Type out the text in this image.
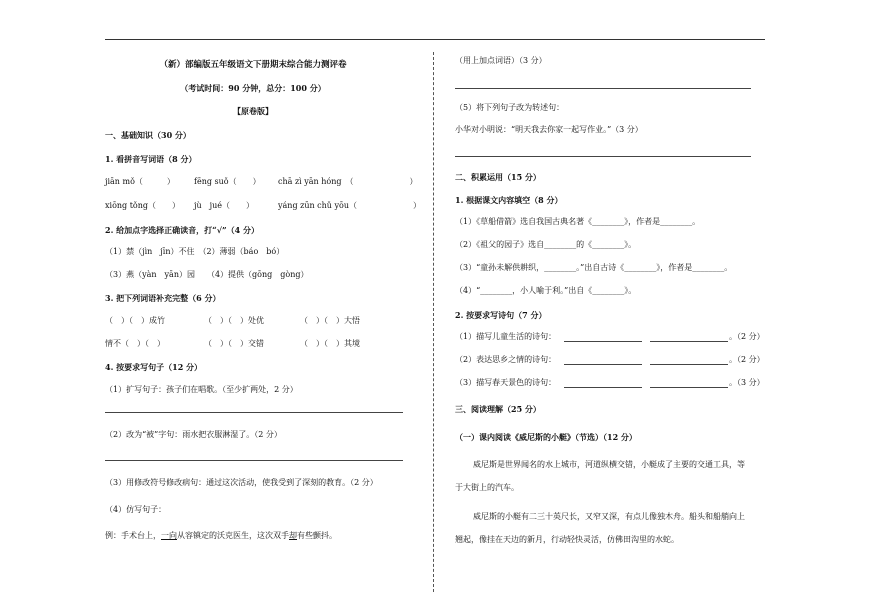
（新）部编版五年级语文下册期末综合能力测评卷
（考试时间：90 分钟，总分：100 分）
【原卷版】
一、基础知识（30 分）
1. 看拼音写词语（8 分）
jiān mǒ（　　　） fēng suǒ（　　） chā zì yān hóng　（　　　　　　　）
xiōng tǒng（　　） jù　jué（　　）	yáng zūn chǔ yōu（　　　　　　　）
2. 给加点字选择正确读音，打“√”（4 分）
（1）禁（jìn　jīn）不住　（2）薄弱（báo　bó）
（3）燕（yàn　yān）园　　（4）提供（gōng　gòng）
3. 把下列词语补充完整（6 分）
（　）（　）成竹	（　）（　）处优	（　）（　）大悟
情不（　）（　）	（　）（　）交错	（　）（　）其境
4. 按要求写句子（12 分）
（1）扩写句子：孩子们在唱歌。（至少扩两处，2 分）
（2）改为“被”字句：雨水把衣服淋湿了。（2 分）
（3）用修改符号修改病句：通过这次活动，使我受到了深刻的教育。（2 分）
（4）仿写句子：
例：手术台上，一向从容镇定的沃克医生，这次双手却有些颤抖。
（用上加点词语）（3 分）
（5）将下列句子改为转述句：
小华对小明说：“明天我去你家一起写作业。”（3 分）
二、积累运用（15 分）
1. 根据课文内容填空（8 分）
（1）《草船借箭》选自我国古典名著《________》，作者是________。
（2）《祖父的园子》选自________的《________》。
（3）“童孙未解供耕织，________。”出自古诗《________》，作者是________。
（4）“________，小人喻于利。”出自《________》。
2. 按要求写诗句（7 分）
（1）描写儿童生活的诗句：	。（2 分）
（2）表达思乡之情的诗句：	。（2 分）
（3）描写春天景色的诗句：	。（3 分）
三、阅读理解（25 分）
（一）课内阅读《威尼斯的小艇》（节选）（12 分）
威尼斯是世界闻名的水上城市，河道纵横交错，小艇成了主要的交通工具，等
于大街上的汽车。
威尼斯的小艇有二三十英尺长，又窄又深，有点儿像独木舟。船头和船艄向上
翘起，像挂在天边的新月，行动轻快灵活，仿佛田沟里的水蛇。
